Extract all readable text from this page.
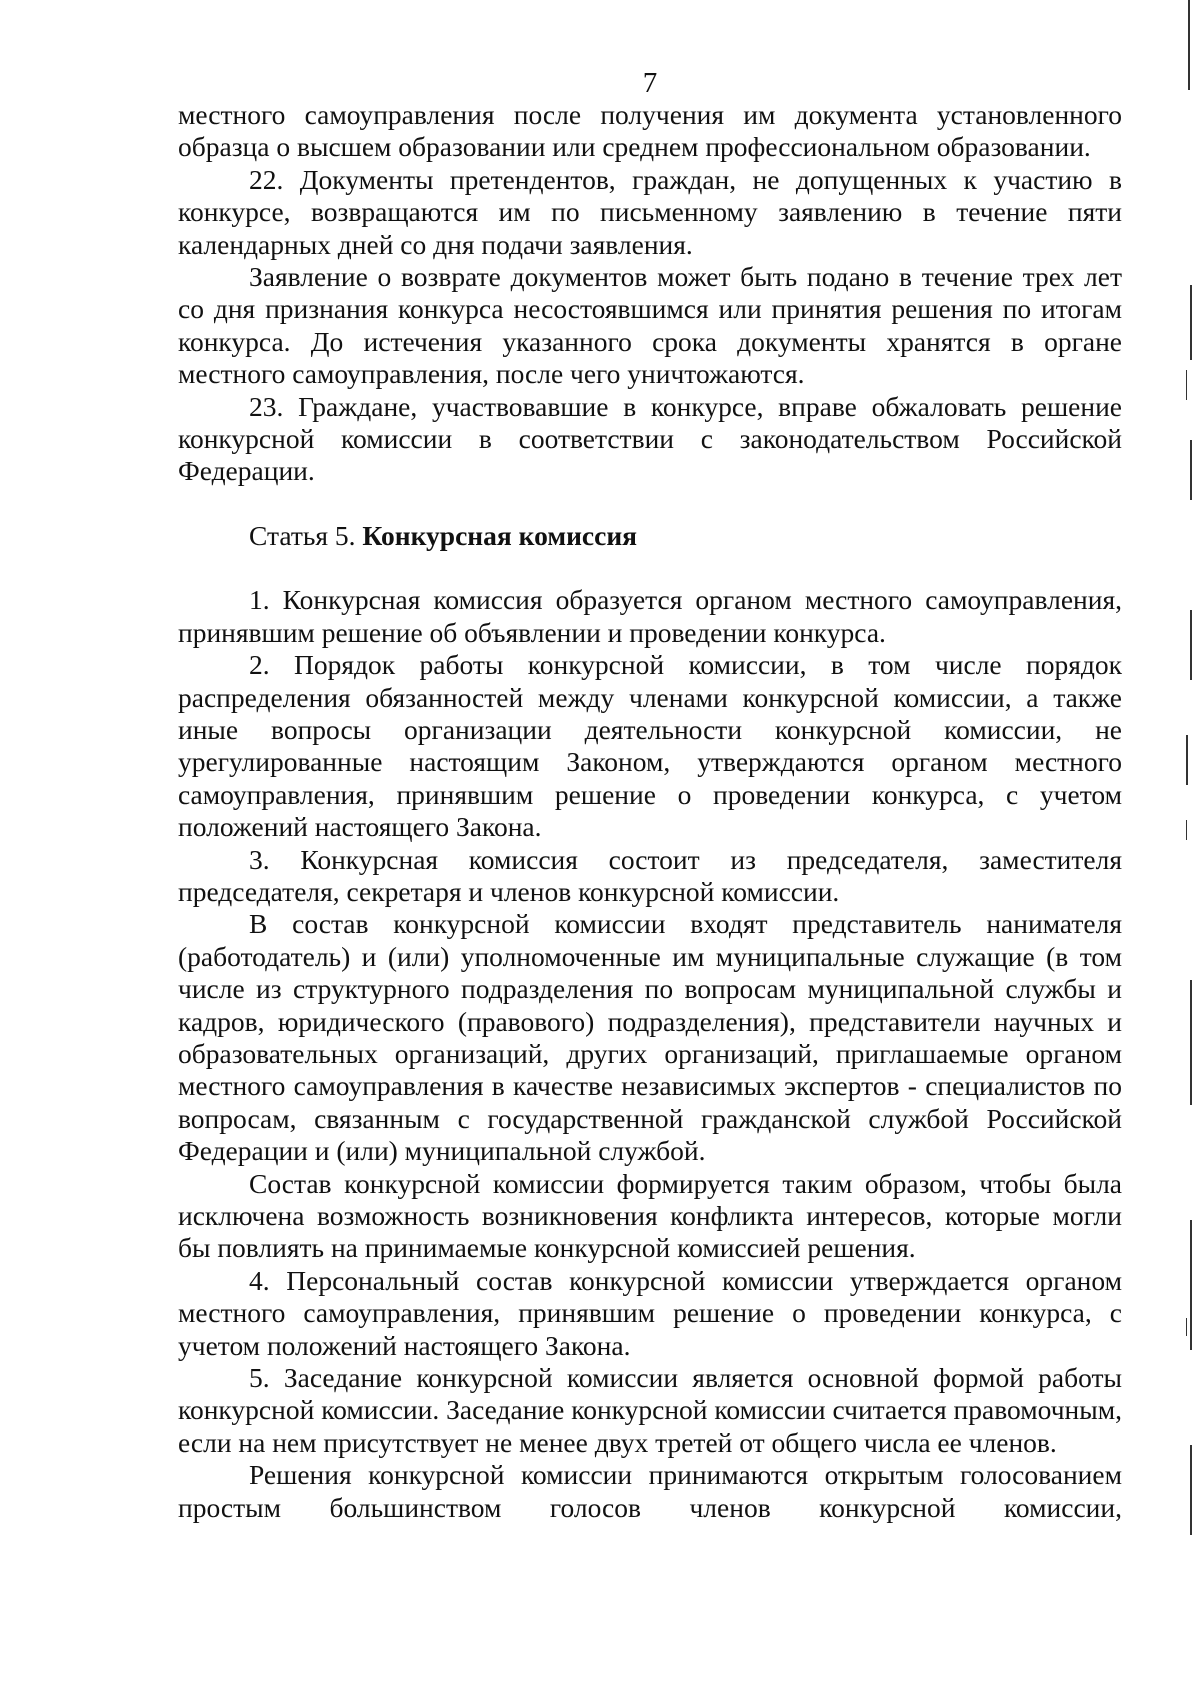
7

местного самоуправления после получения им документа установленного образца о высшем образовании или среднем профессиональном образовании.

22. Документы претендентов, граждан, не допущенных к участию в конкурсе, возвращаются им по письменному заявлению в течение пяти календарных дней со дня подачи заявления.

Заявление о возврате документов может быть подано в течение трех лет со дня признания конкурса несостоявшимся или принятия решения по итогам конкурса. До истечения указанного срока документы хранятся в органе местного самоуправления, после чего уничтожаются.

23. Граждане, участвовавшие в конкурсе, вправе обжаловать решение конкурсной комиссии в соответствии с законодательством Российской Федерации.

Статья 5. Конкурсная комиссия

1. Конкурсная комиссия образуется органом местного самоуправления, принявшим решение об объявлении и проведении конкурса.

2. Порядок работы конкурсной комиссии, в том числе порядок распределения обязанностей между членами конкурсной комиссии, а также иные вопросы организации деятельности конкурсной комиссии, не урегулированные настоящим Законом, утверждаются органом местного самоуправления, принявшим решение о проведении конкурса, с учетом положений настоящего Закона.

3. Конкурсная комиссия состоит из председателя, заместителя председателя, секретаря и членов конкурсной комиссии.

В состав конкурсной комиссии входят представитель нанимателя (работодатель) и (или) уполномоченные им муниципальные служащие (в том числе из структурного подразделения по вопросам муниципальной службы и кадров, юридического (правового) подразделения), представители научных и образовательных организаций, других организаций, приглашаемые органом местного самоуправления в качестве независимых экспертов - специалистов по вопросам, связанным с государственной гражданской службой Российской Федерации и (или) муниципальной службой.

Состав конкурсной комиссии формируется таким образом, чтобы была исключена возможность возникновения конфликта интересов, которые могли бы повлиять на принимаемые конкурсной комиссией решения.

4. Персональный состав конкурсной комиссии утверждается органом местного самоуправления, принявшим решение о проведении конкурса, с учетом положений настоящего Закона.

5. Заседание конкурсной комиссии является основной формой работы конкурсной комиссии. Заседание конкурсной комиссии считается правомочным, если на нем присутствует не менее двух третей от общего числа ее членов.

Решения конкурсной комиссии принимаются открытым голосованием простым большинством голосов членов конкурсной комиссии,
